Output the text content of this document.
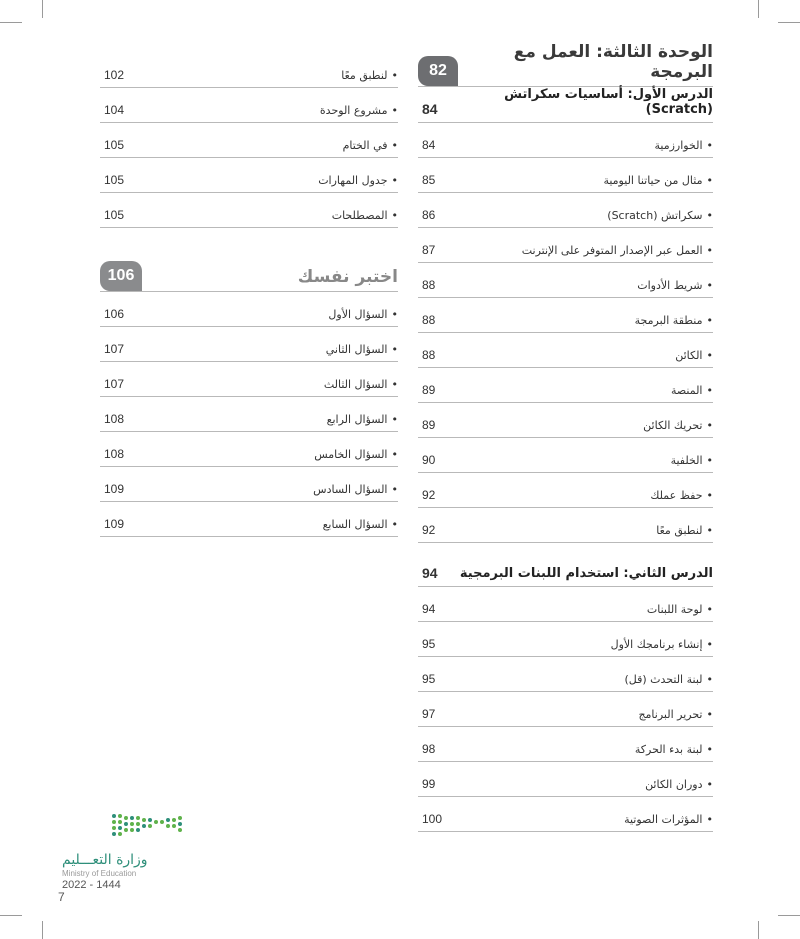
• لنطبق معًا
102
• مشروع الوحدة
104
• في الختام
105
• جدول المهارات
105
• المصطلحات
105
اختبر نفسك
106
• السؤال الأول
106
• السؤال الثاني
107
• السؤال الثالث
107
• السؤال الرابع
108
• السؤال الخامس
108
• السؤال السادس
109
• السؤال السابع
109
الوحدة الثالثة: العمل مع البرمجة
82
الدرس الأول: أساسيات سكراتش (Scratch)
84
• الخوارزمية
84
• مثال من حياتنا اليومية
85
• سكراتش (Scratch)
86
• العمل عبر الإصدار المتوفر على الإنترنت
87
• شريط الأدوات
88
• منطقة البرمجة
88
• الكائن
88
• المنصة
89
• تحريك الكائن
89
• الخلفية
90
• حفظ عملك
92
• لنطبق معًا
92
الدرس الثاني: استخدام اللبنات البرمجية
94
• لوحة اللبنات
94
• إنشاء برنامجك الأول
95
• لبنة التحدث (قل)
95
• تحرير البرنامج
97
• لبنة بدء الحركة
98
• دوران الكائن
99
• المؤثرات الصوتية
100
وزارة التعـــليم
Ministry of Education
2022 - 1444
7
